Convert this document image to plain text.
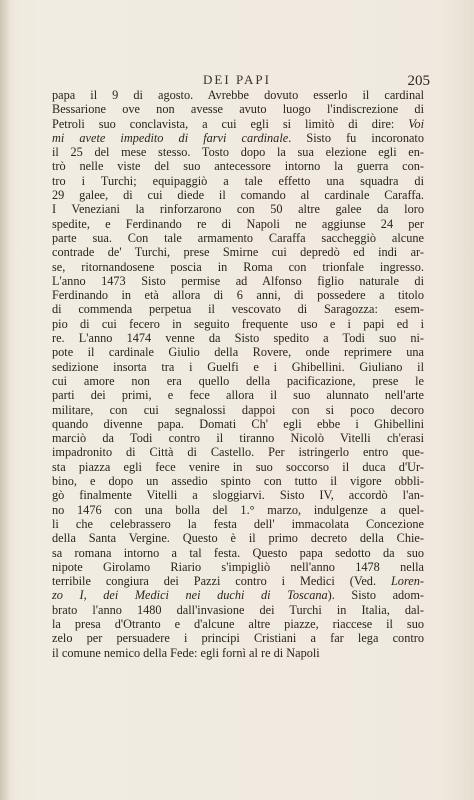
DEI PAPI	205
papa il 9 di agosto. Avrebbe dovuto esserlo il cardinal
Bessarione ove non avesse avuto luogo l'indiscrezione di
Petroli suo conclavista, a cui egli si limitò di dire: Voi
mi avete impedito di farvi cardinale. Sisto fu incoronato
il 25 del mese stesso. Tosto dopo la sua elezione egli en-
trò nelle viste del suo antecessore intorno la guerra con-
tro i Turchi; equipaggiò a tale effetto una squadra di
29 galee, di cui diede il comando al cardinale Caraffa.
I Veneziani la rinforzarono con 50 altre galee da loro
spedite, e Ferdinando re di Napoli ne aggiunse 24 per
parte sua. Con tale armamento Caraffa saccheggiò alcune
contrade de' Turchi, prese Smirne cui depredò ed indi ar-
se, ritornandosene poscia in Roma con trionfale ingresso.
L'anno 1473 Sisto permise ad Alfonso figlio naturale di
Ferdinando in età allora di 6 anni, di possedere a titolo
di commenda perpetua il vescovato di Saragozza: esem-
pio di cui fecero in seguito frequente uso e i papi ed i
re. L'anno 1474 venne da Sisto spedito a Todi suo ni-
pote il cardinale Giulio della Rovere, onde reprimere una
sedizione insorta tra i Guelfi e i Ghibellini. Giuliano il
cui amore non era quello della pacificazione, prese le
parti dei primi, e fece allora il suo alunnato nell'arte
militare, con cui segnalossi dappoi con si poco decoro
quando divenne papa. Domati Ch' egli ebbe i Ghibellini
marciò da Todi contro il tiranno Nicolò Vitelli ch'erasi
impadronito di Città di Castello. Per istringerlo entro que-
sta piazza egli fece venire in suo soccorso il duca d'Ur-
bino, e dopo un assedio spinto con tutto il vigore obbli-
gò finalmente Vitelli a sloggiarvi. Sisto IV, accordò l'an-
no 1476 con una bolla del 1.° marzo, indulgenze a quel-
li che celebrassero la festa dell' immacolata Concezione
della Santa Vergine. Questo è il primo decreto della Chie-
sa romana intorno a tal festa. Questo papa sedotto da suo
nipote Girolamo Riario s'impigliò nell'anno 1478 nella
terribile congiura dei Pazzi contro i Medici (Ved. Loren-
zo I, dei Medici nei duchi di Toscana). Sisto adom-
brato l'anno 1480 dall'invasione dei Turchi in Italia, dal-
la presa d'Otranto e d'alcune altre piazze, riaccese il suo
zelo per persuadere i principi Cristiani a far lega contro
il comune nemico della Fede: egli fornì al re di Napoli
